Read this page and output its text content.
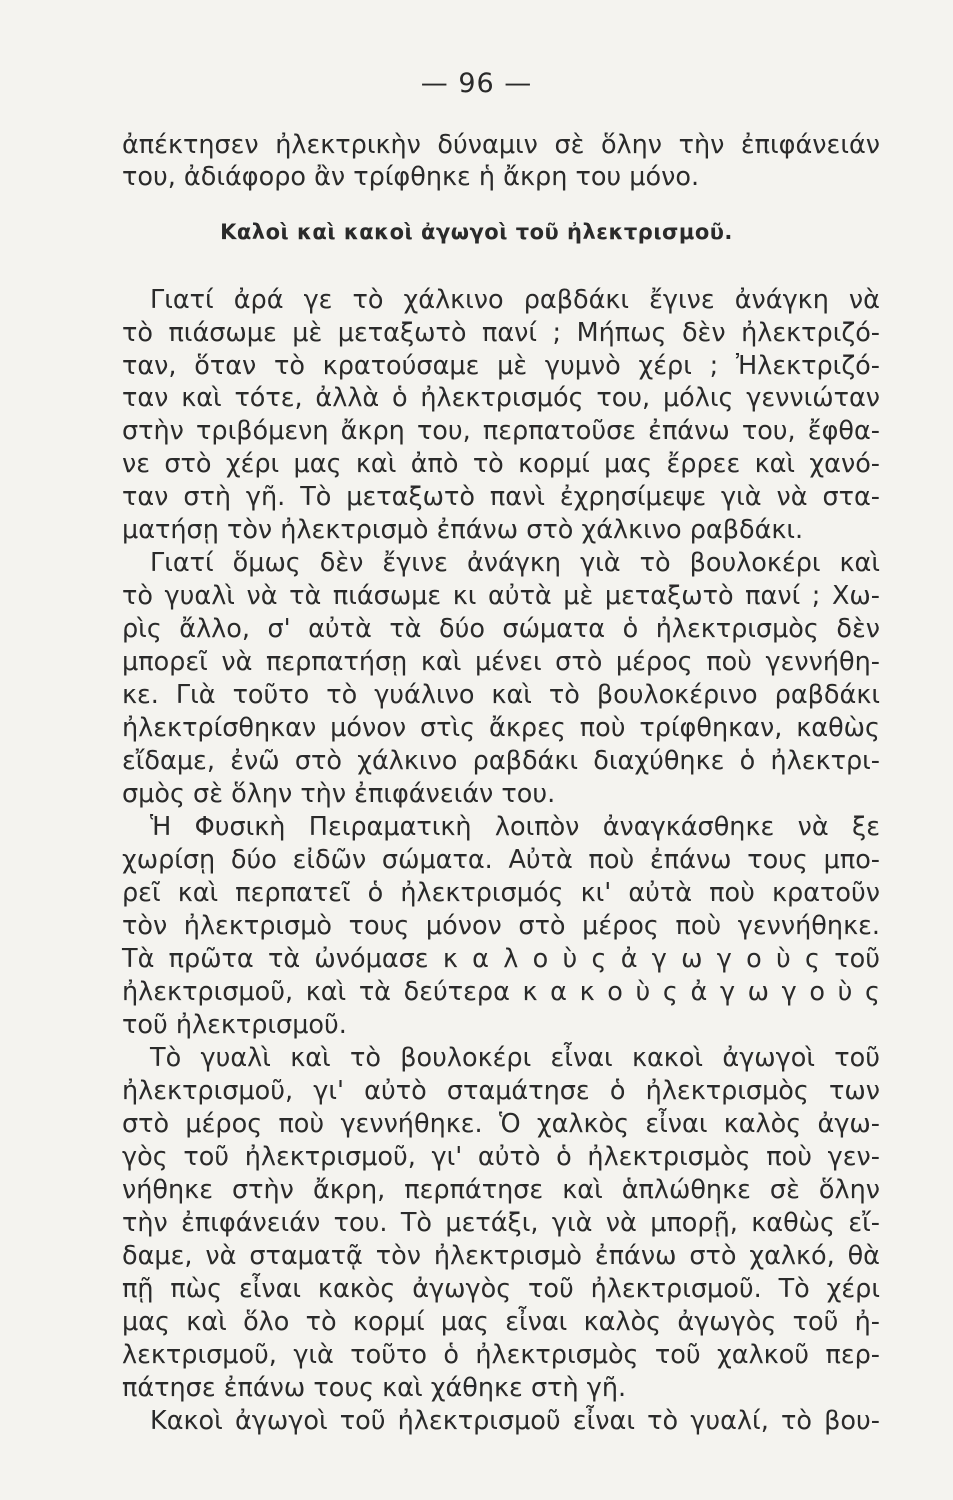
— 96 —
ἀπέκτησεν ἠλεκτρικὴν δύναμιν σὲ ὅλην τὴν ἐπιφάνειάν
του, ἀδιάφορο ἂν τρίφθηκε ἡ ἄκρη του μόνο.
Καλοὶ καὶ κακοὶ ἀγωγοὶ τοῦ ἠλεκτρισμοῦ.
Γιατί ἀρά γε τὸ χάλκινο ραβδάκι ἔγινε ἀνάγκη νὰ
τὸ πιάσωμε μὲ μεταξωτὸ πανί ; Μήπως δὲν ἠλεκτριζό-
ταν, ὅταν τὸ κρατούσαμε μὲ γυμνὸ χέρι ; Ἠλεκτριζό-
ταν καὶ τότε, ἀλλὰ ὁ ἠλεκτρισμός του, μόλις γεννιώταν
στὴν τριβόμενη ἄκρη του, περπατοῦσε ἐπάνω του, ἔφθα-
νε στὸ χέρι μας καὶ ἀπὸ τὸ κορμί μας ἔρρεε καὶ χανό-
ταν στὴ γῆ. Τὸ μεταξωτὸ πανὶ ἐχρησίμεψε γιὰ νὰ στα-
ματήσῃ τὸν ἠλεκτρισμὸ ἐπάνω στὸ χάλκινο ραβδάκι.
Γιατί ὅμως δὲν ἔγινε ἀνάγκη γιὰ τὸ βουλοκέρι καὶ
τὸ γυαλὶ νὰ τὰ πιάσωμε κι αὐτὰ μὲ μεταξωτὸ πανί ; Χω-
ρὶς ἄλλο, σ' αὐτὰ τὰ δύο σώματα ὁ ἠλεκτρισμὸς δὲν
μπορεῖ νὰ περπατήσῃ καὶ μένει στὸ μέρος ποὺ γεννήθη-
κε. Γιὰ τοῦτο τὸ γυάλινο καὶ τὸ βουλοκέρινο ραβδάκι
ἠλεκτρίσθηκαν μόνον στὶς ἄκρες ποὺ τρίφθηκαν, καθὼς
εἴδαμε, ἐνῶ στὸ χάλκινο ραβδάκι διαχύθηκε ὁ ἠλεκτρι-
σμὸς σὲ ὅλην τὴν ἐπιφάνειάν του.
Ἡ Φυσικὴ Πειραματικὴ λοιπὸν ἀναγκάσθηκε νὰ ξε
χωρίσῃ δύο εἰδῶν σώματα. Αὐτὰ ποὺ ἐπάνω τους μπο-
ρεῖ καὶ περπατεῖ ὁ ἠλεκτρισμός κι' αὐτὰ ποὺ κρατοῦν
τὸν ἠλεκτρισμὸ τους μόνον στὸ μέρος ποὺ γεννήθηκε.
Τὰ πρῶτα τὰ ὠνόμασε κ α λ ο ὺ ς ἀ γ ω γ ο ὺ ς τοῦ
ἠλεκτρισμοῦ, καὶ τὰ δεύτερα κ α κ ο ὺ ς ἀ γ ω γ ο ὺ ς
τοῦ ἠλεκτρισμοῦ.
Τὸ γυαλὶ καὶ τὸ βουλοκέρι εἶναι κακοὶ ἀγωγοὶ τοῦ
ἠλεκτρισμοῦ, γι' αὐτὸ σταμάτησε ὁ ἠλεκτρισμὸς των
στὸ μέρος ποὺ γεννήθηκε. Ὁ χαλκὸς εἶναι καλὸς ἀγω-
γὸς τοῦ ἠλεκτρισμοῦ, γι' αὐτὸ ὁ ἠλεκτρισμὸς ποὺ γεν-
νήθηκε στὴν ἄκρη, περπάτησε καὶ ἁπλώθηκε σὲ ὅλην
τὴν ἐπιφάνειάν του. Τὸ μετάξι, γιὰ νὰ μπορῇ, καθὼς εἴ-
δαμε, νὰ σταματᾷ τὸν ἠλεκτρισμὸ ἐπάνω στὸ χαλκό, θὰ
πῇ πὼς εἶναι κακὸς ἀγωγὸς τοῦ ἠλεκτρισμοῦ. Τὸ χέρι
μας καὶ ὅλο τὸ κορμί μας εἶναι καλὸς ἀγωγὸς τοῦ ἠ-
λεκτρισμοῦ, γιὰ τοῦτο ὁ ἠλεκτρισμὸς τοῦ χαλκοῦ περ-
πάτησε ἐπάνω τους καὶ χάθηκε στὴ γῆ.
Κακοὶ ἀγωγοὶ τοῦ ἠλεκτρισμοῦ εἶναι τὸ γυαλί, τὸ βου-
